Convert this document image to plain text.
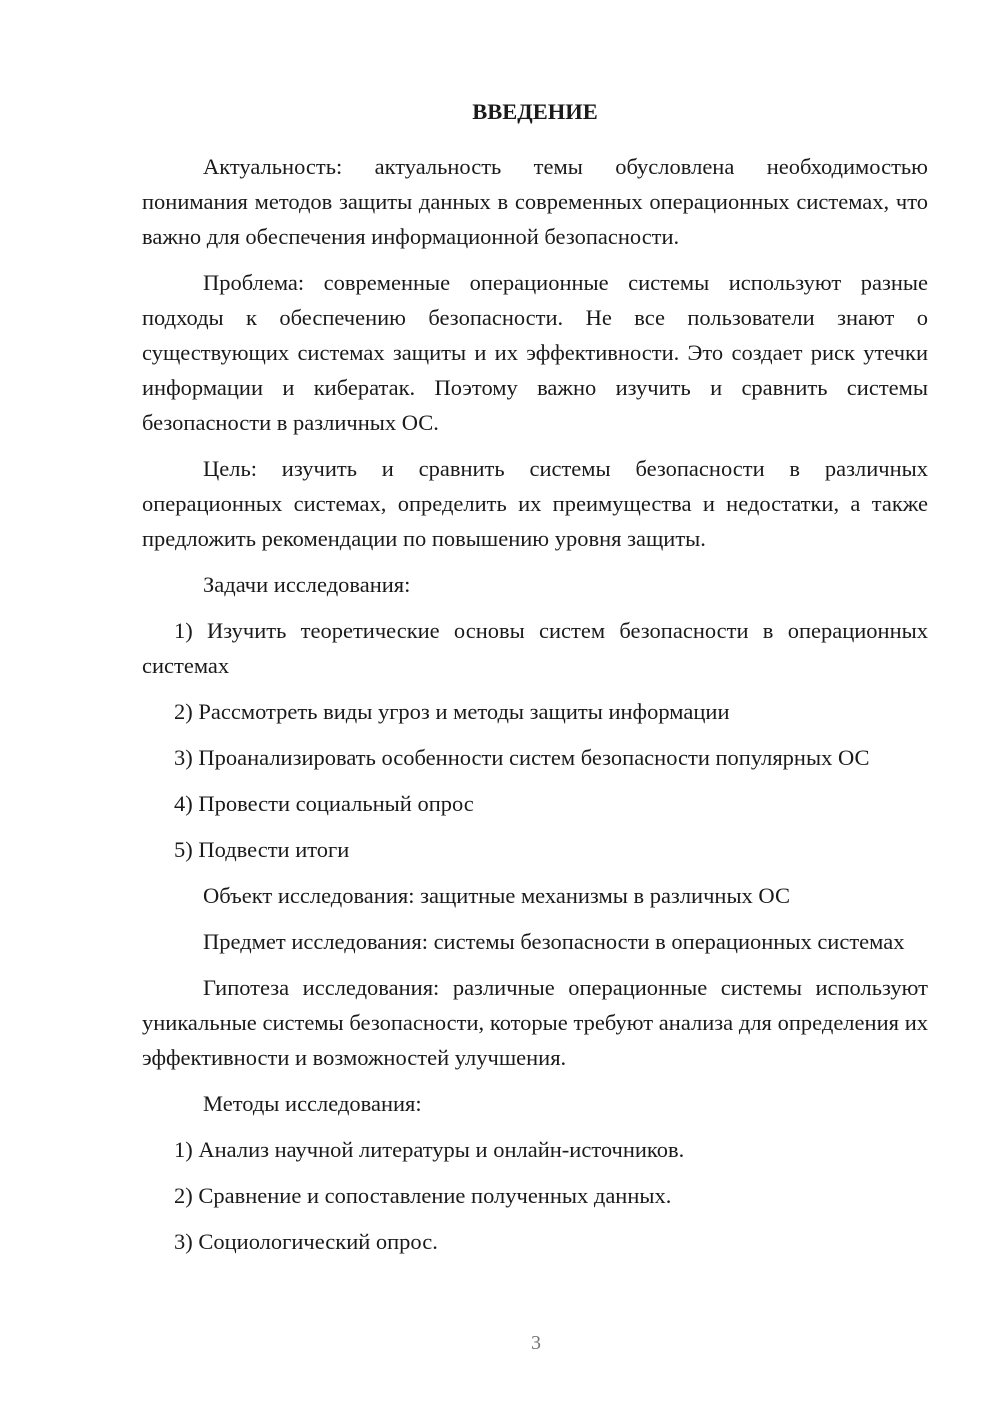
ВВЕДЕНИЕ

Актуальность: актуальность темы обусловлена необходимостью понимания методов защиты данных в современных операционных системах, что важно для обеспечения информационной безопасности.

Проблема: современные операционные системы используют разные подходы к обеспечению безопасности. Не все пользователи знают о существующих системах защиты и их эффективности. Это создает риск утечки информации и кибератак. Поэтому важно изучить и сравнить системы безопасности в различных ОС.

Цель: изучить и сравнить системы безопасности в различных операционных системах, определить их преимущества и недостатки, а также предложить рекомендации по повышению уровня защиты.

Задачи исследования:

1) Изучить теоретические основы систем безопасности в операционных системах

2) Рассмотреть виды угроз и методы защиты информации

3) Проанализировать особенности систем безопасности популярных ОС

4) Провести социальный опрос

5) Подвести итоги

Объект исследования: защитные механизмы в различных ОС

Предмет исследования: системы безопасности в операционных системах

Гипотеза исследования: различные операционные системы используют уникальные системы безопасности, которые требуют анализа для определения их эффективности и возможностей улучшения.

Методы исследования:

1) Анализ научной литературы и онлайн-источников.

2) Сравнение и сопоставление полученных данных.

3) Социологический опрос.

3
